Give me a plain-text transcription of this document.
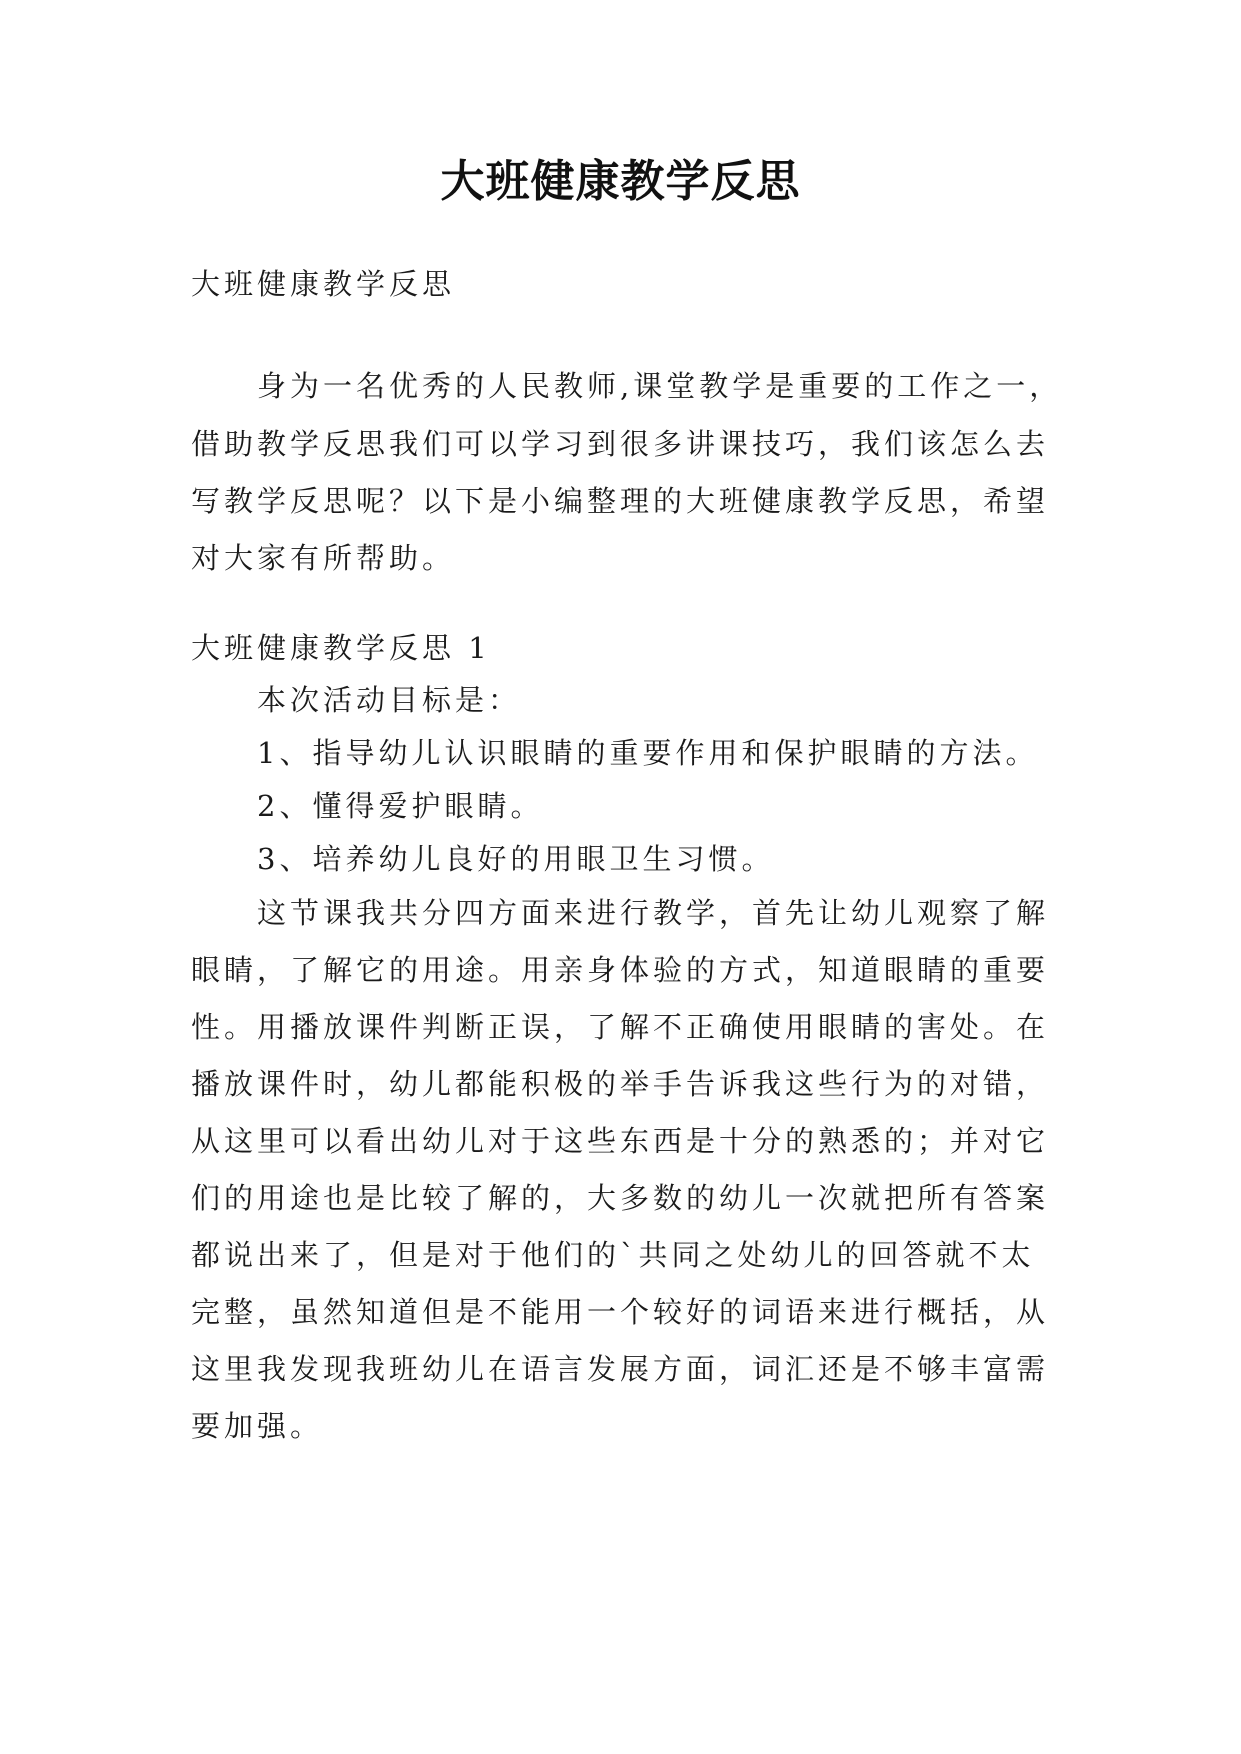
大班健康教学反思
大班健康教学反思
身为一名优秀的人民教师,课堂教学是重要的工作之一，
借助教学反思我们可以学习到很多讲课技巧，我们该怎么去
写教学反思呢？以下是小编整理的大班健康教学反思，希望
对大家有所帮助。
大班健康教学反思 1
本次活动目标是：
1、指导幼儿认识眼睛的重要作用和保护眼睛的方法。
2、懂得爱护眼睛。
3、培养幼儿良好的用眼卫生习惯。
这节课我共分四方面来进行教学，首先让幼儿观察了解
眼睛，了解它的用途。用亲身体验的方式，知道眼睛的重要
性。用播放课件判断正误，了解不正确使用眼睛的害处。在
播放课件时，幼儿都能积极的举手告诉我这些行为的对错，
从这里可以看出幼儿对于这些东西是十分的熟悉的；并对它
们的用途也是比较了解的，大多数的幼儿一次就把所有答案
都说出来了，但是对于他们的`共同之处幼儿的回答就不太
完整，虽然知道但是不能用一个较好的词语来进行概括，从
这里我发现我班幼儿在语言发展方面，词汇还是不够丰富需
要加强。
